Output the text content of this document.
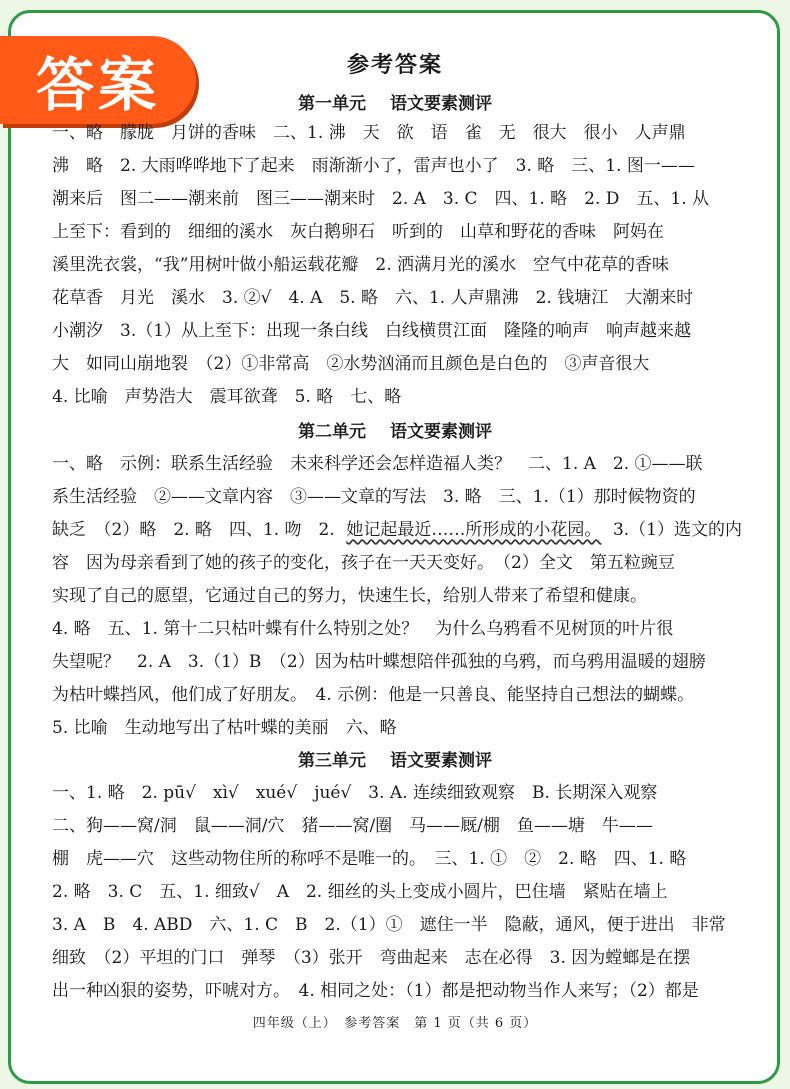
答案	参考答案
第一单元 语文要素测评
一、略　朦胧　月饼的香味　二、1. 沸　天　欲　语　雀　无　很大　很小　人声鼎
沸　略　2. 大雨哗哗地下了起来　雨渐渐小了，雷声也小了　3. 略　三、1. 图一——
潮来后　图二——潮来前　图三——潮来时　2. A　3. C　四、1. 略　2. D　五、1. 从
上至下：看到的　细细的溪水　灰白鹅卵石　听到的　山草和野花的香味　阿妈在
溪里洗衣裳，“我”用树叶做小船运载花瓣　2. 洒满月光的溪水　空气中花草的香味
花草香　月光　溪水　3. ②√　4. A　5. 略　六、1. 人声鼎沸　2. 钱塘江　大潮来时
小潮汐　3.（1）从上至下：出现一条白线　白线横贯江面　隆隆的响声　响声越来越
大　如同山崩地裂　（2）①非常高　②水势汹涌而且颜色是白色的　③声音很大
4. 比喻　声势浩大　震耳欲聋　5. 略　七、略
第二单元 语文要素测评
一、略　示例：联系生活经验　未来科学还会怎样造福人类？　二、1. A　2. ①——联
系生活经验　②——文章内容　③——文章的写法　3. 略　三、1.（1）那时候物资的
缺乏　（2）略　2. 略　四、1. 吻　2. 她记起最近……所形成的小花园。 3.（1）选文的内
容　因为母亲看到了她的孩子的变化，孩子在一天天变好。　（2）全文　第五粒豌豆
实现了自己的愿望，它通过自己的努力，快速生长，给别人带来了希望和健康。
4. 略　五、1. 第十二只枯叶蝶有什么特别之处？　为什么乌鸦看不见树顶的叶片很
失望呢？　2. A　3.（1）B　（2）因为枯叶蝶想陪伴孤独的乌鸦，而乌鸦用温暖的翅膀
为枯叶蝶挡风，他们成了好朋友。　4. 示例：他是一只善良、能坚持自己想法的蝴蝶。
5. 比喻　生动地写出了枯叶蝶的美丽　六、略
第三单元 语文要素测评
一、1. 略　2. pū√　xì√　xué√　jué√　3. A. 连续细致观察　B. 长期深入观察
二、狗——窝/洞　鼠——洞/穴　猪——窝/圈　马——厩/棚　鱼——塘　牛——
棚　虎——穴　这些动物住所的称呼不是唯一的。　三、1. ①　②　2. 略　四、1. 略
2. 略　3. C　五、1. 细致√　A　2. 细丝的头上变成小圆片，巴住墙　紧贴在墙上
3. A　B　4. ABD　六、1. C　B　2.（1）①　遮住一半　隐蔽，通风，便于进出　非常
细致　（2）平坦的门口　弹琴　（3）张开　弯曲起来　志在必得　3. 因为螳螂是在摆
出一种凶狠的姿势，吓唬对方。　4. 相同之处：（1）都是把动物当作人来写；（2）都是
四年级（上）　参考答案　第 1 页（共 6 页）
